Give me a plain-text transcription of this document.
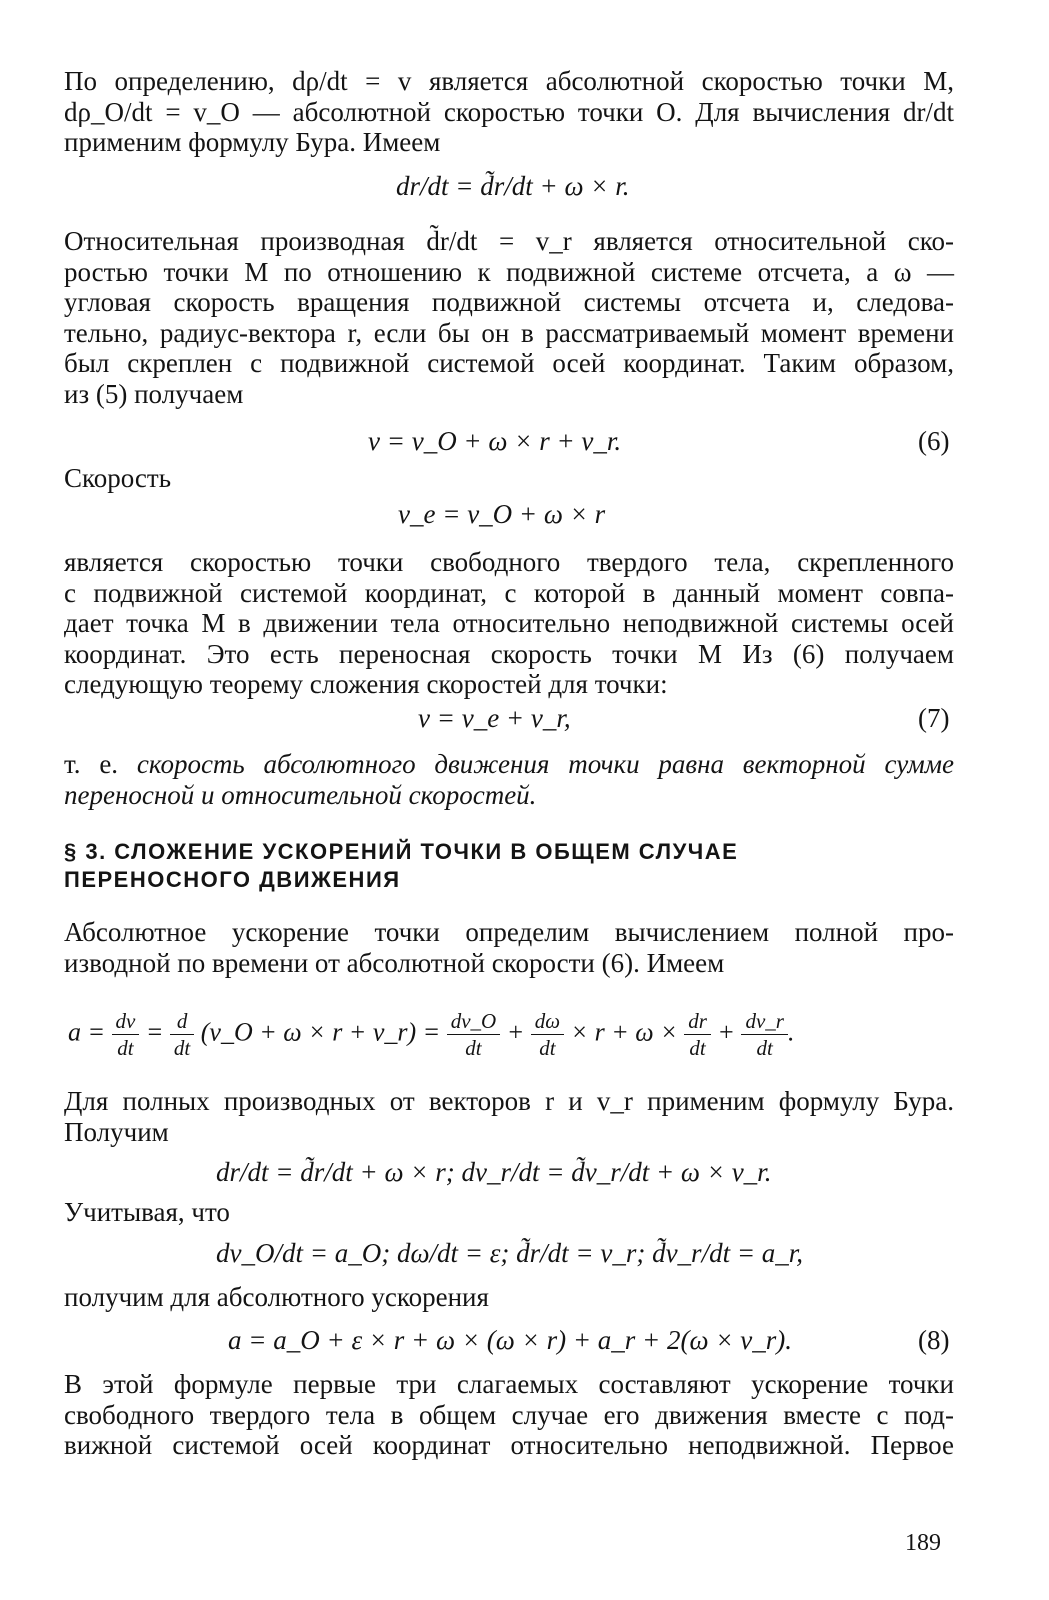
По определению, dρ/dt = v является абсолютной скоростью точки M,
dρ_O/dt = v_O — абсолютной скоростью точки O. Для вычисления dr/dt
применим формулу Бура. Имеем
dr/dt = d̃r/dt + ω × r.
Относительная производная d̃r/dt = v_r является относительной ско-
ростью точки M по отношению к подвижной системе отсчета, а ω —
угловая скорость вращения подвижной системы отсчета и, следова-
тельно, радиус-вектора r, если бы он в рассматриваемый момент времени
был скреплен с подвижной системой осей координат. Таким образом,
из (5) получаем
v = v_O + ω × r + v_r.	(6)
Скорость
v_e = v_O + ω × r
является скоростью точки свободного твердого тела, скрепленного
с подвижной системой координат, с которой в данный момент совпа-
дает точка M в движении тела относительно неподвижной системы осей
координат. Это есть переносная скорость точки M Из (6) получаем
следующую теорему сложения скоростей для точки:
v = v_e + v_r,	(7)
т. е. скорость абсолютного движения точки равна векторной сумме
переносной и относительной скоростей.
§ 3. СЛОЖЕНИЕ УСКОРЕНИЙ ТОЧКИ В ОБЩЕМ СЛУЧАЕ
ПЕРЕНОСНОГО ДВИЖЕНИЯ
Абсолютное ускорение точки определим вычислением полной про-
изводной по времени от абсолютной скорости (6). Имеем
$a = \frac{dv}{dt} = \frac{d}{dt}$ (v_O + ω × r + v_r) = $\frac{dv\_O}{dt} + \frac{d\omega}{dt} \times r + \omega \times \frac{dr}{dt} + \frac{dv\_r}{dt}$ .
Для полных производных от векторов r и v_r применим формулу Бура.
Получим
dr/dt = d̃r/dt + ω × r; dv_r/dt = d̃v_r/dt + ω × v_r.
Учитывая, что
dv_O/dt = a_O; dω/dt = ε; d̃r/dt = v_r; d̃v_r/dt = a_r,
получим для абсолютного ускорения
a = a_O + ε × r + ω × (ω × r) + a_r + 2(ω × v_r).	(8)
В этой формуле первые три слагаемых составляют ускорение точки
свободного твердого тела в общем случае его движения вместе с под-
вижной системой осей координат относительно неподвижной. Первое
189
